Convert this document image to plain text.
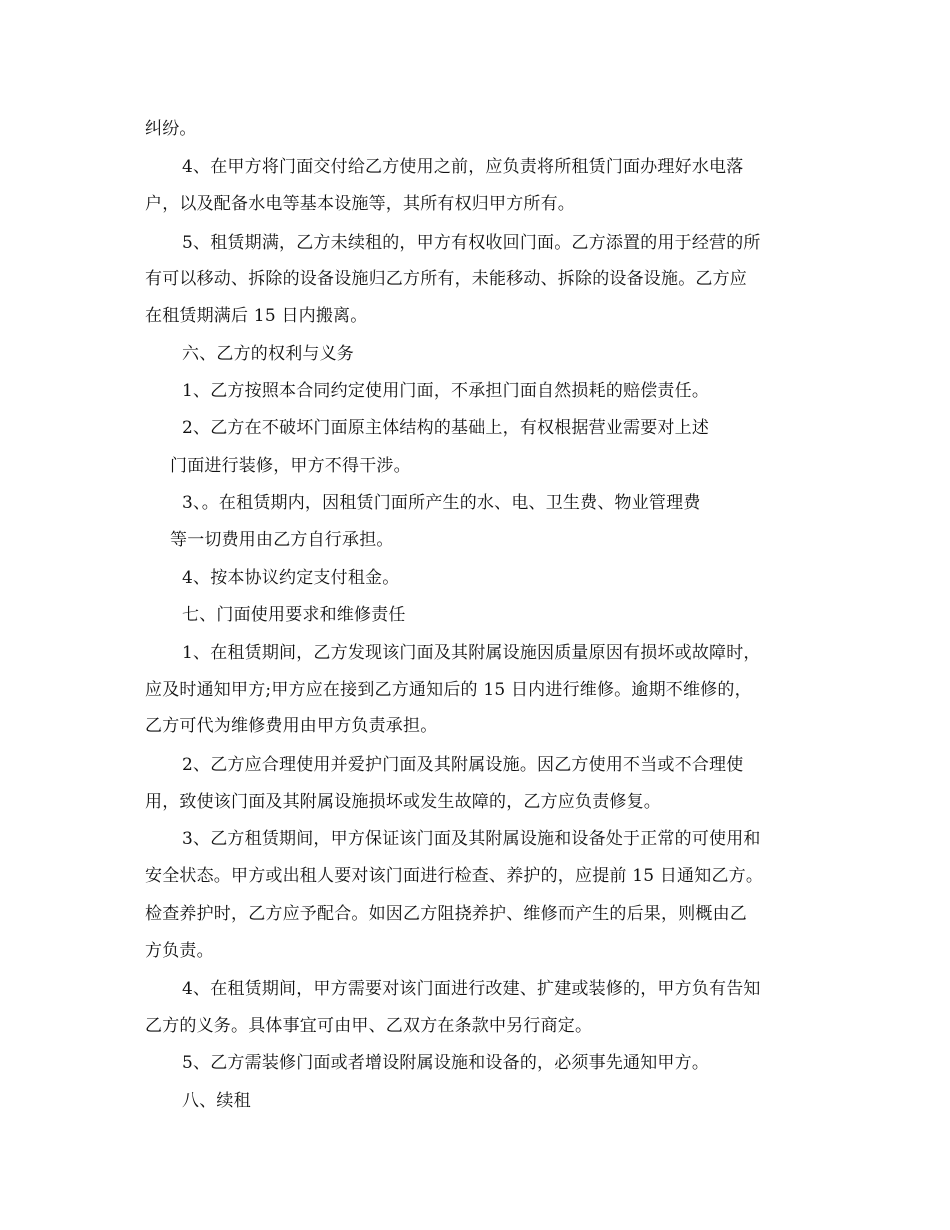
纠纷。
4、在甲方将门面交付给乙方使用之前，应负责将所租赁门面办理好水电落
户，以及配备水电等基本设施等，其所有权归甲方所有。
5、租赁期满，乙方未续租的，甲方有权收回门面。乙方添置的用于经营的所
有可以移动、拆除的设备设施归乙方所有，未能移动、拆除的设备设施。乙方应
在租赁期满后 15 日内搬离。
六、乙方的权利与义务
1、乙方按照本合同约定使用门面，不承担门面自然损耗的赔偿责任。
2、乙方在不破坏门面原主体结构的基础上，有权根据营业需要对上述
门面进行装修，甲方不得干涉。
3、。在租赁期内，因租赁门面所产生的水、电、卫生费、物业管理费
等一切费用由乙方自行承担。
4、按本协议约定支付租金。
七、门面使用要求和维修责任
1、在租赁期间，乙方发现该门面及其附属设施因质量原因有损坏或故障时，
应及时通知甲方;甲方应在接到乙方通知后的 15 日内进行维修。逾期不维修的，
乙方可代为维修费用由甲方负责承担。
2、乙方应合理使用并爱护门面及其附属设施。因乙方使用不当或不合理使
用，致使该门面及其附属设施损坏或发生故障的，乙方应负责修复。
3、乙方租赁期间，甲方保证该门面及其附属设施和设备处于正常的可使用和
安全状态。甲方或出租人要对该门面进行检查、养护的，应提前 15 日通知乙方。
检查养护时，乙方应予配合。如因乙方阻挠养护、维修而产生的后果，则概由乙
方负责。
4、在租赁期间，甲方需要对该门面进行改建、扩建或装修的，甲方负有告知
乙方的义务。具体事宜可由甲、乙双方在条款中另行商定。
5、乙方需装修门面或者增设附属设施和设备的，必须事先通知甲方。
八、续租
